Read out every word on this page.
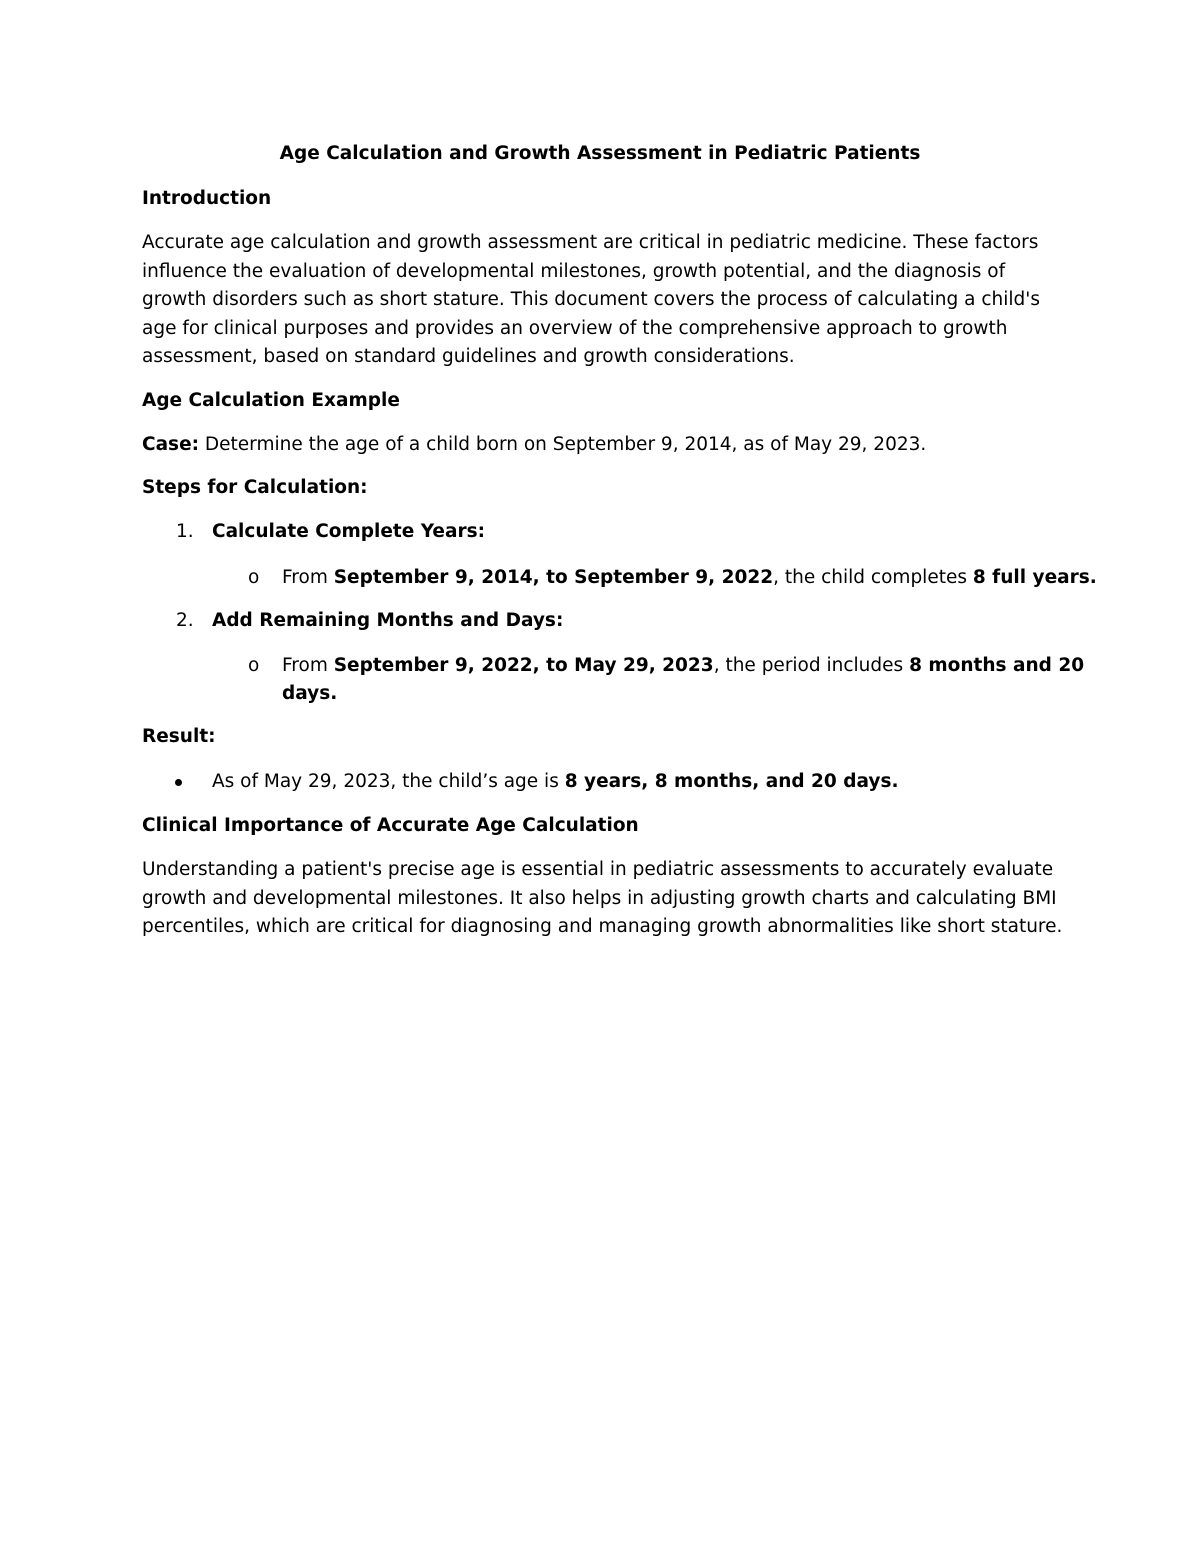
Age Calculation and Growth Assessment in Pediatric Patients
Introduction
Accurate age calculation and growth assessment are critical in pediatric medicine. These factors
influence the evaluation of developmental milestones, growth potential, and the diagnosis of
growth disorders such as short stature. This document covers the process of calculating a child's
age for clinical purposes and provides an overview of the comprehensive approach to growth
assessment, based on standard guidelines and growth considerations.
Age Calculation Example
Case: Determine the age of a child born on September 9, 2014, as of May 29, 2023.
Steps for Calculation:
1. Calculate Complete Years:
o From September 9, 2014, to September 9, 2022, the child completes 8 full years.
2. Add Remaining Months and Days:
o From September 9, 2022, to May 29, 2023, the period includes 8 months and 20
days.
Result:
As of May 29, 2023, the child’s age is 8 years, 8 months, and 20 days.
Clinical Importance of Accurate Age Calculation
Understanding a patient's precise age is essential in pediatric assessments to accurately evaluate
growth and developmental milestones. It also helps in adjusting growth charts and calculating BMI
percentiles, which are critical for diagnosing and managing growth abnormalities like short stature.
